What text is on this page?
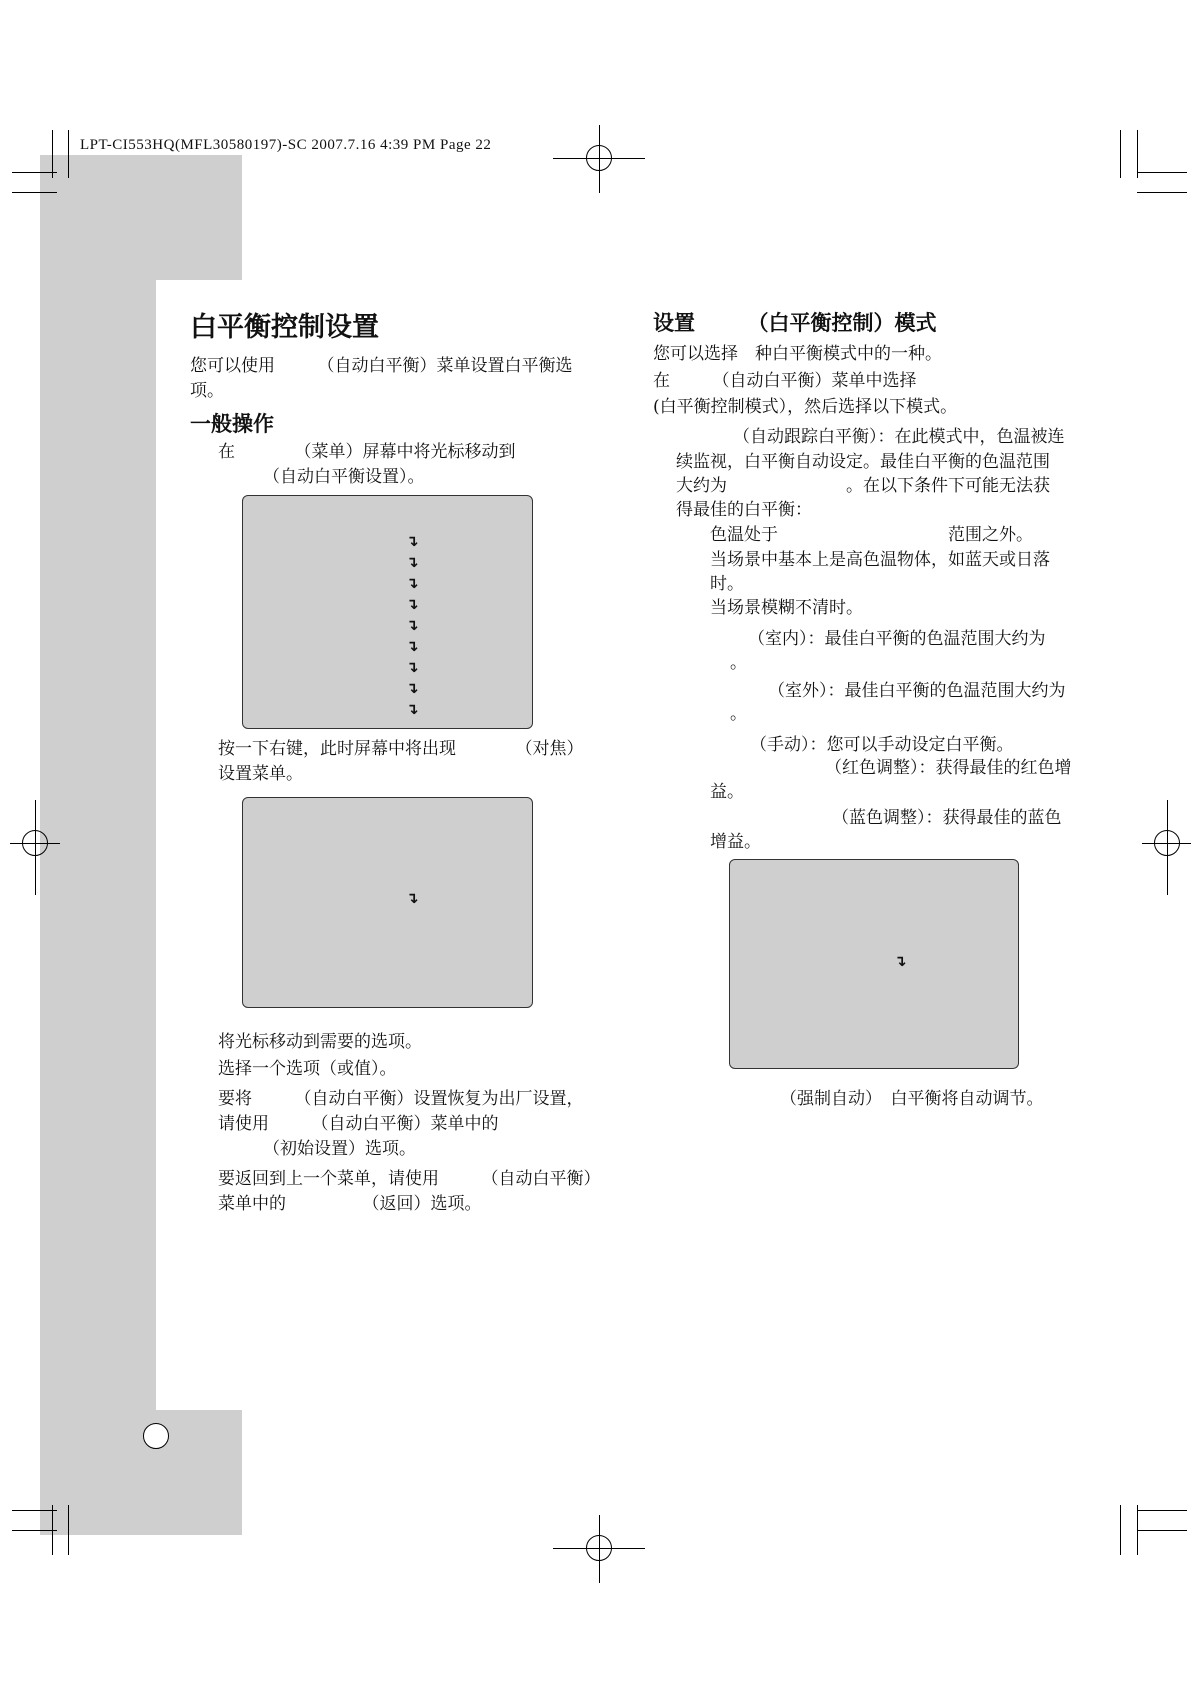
LPT-CI553HQ(MFL30580197)-SC 2007.7.16 4:39 PM Page 22
白平衡控制设置
您可以使用　　　（自动白平衡）菜单设置白平衡选
项。
一般操作
在　　　　（菜单）屏幕中将光标移动到
（自动白平衡设置）。
↴
↴
↴
↴
↴
↴
↴
↴
↴
按一下右键，此时屏幕中将出现　　　　（对焦）
设置菜单。
↴
将光标移动到需要的选项。
选择一个选项（或值）。
要将　　　（自动白平衡）设置恢复为出厂设置，
请使用　　　（自动白平衡）菜单中的
（初始设置）选项。
要返回到上一个菜单，请使用　　　（自动白平衡）
菜单中的　　　　　（返回）选项。
设置　　　（白平衡控制）模式
您可以选择　种白平衡模式中的一种。
在　　　（自动白平衡）菜单中选择
(白平衡控制模式），然后选择以下模式。
（自动跟踪白平衡）：在此模式中，色温被连
续监视，白平衡自动设定。最佳白平衡的色温范围
大约为　　　　　　　。在以下条件下可能无法获
得最佳的白平衡：
色温处于　　　　　　　　　　范围之外。
当场景中基本上是高色温物体，如蓝天或日落
时。
当场景模糊不清时。
（室内）：最佳白平衡的色温范围大约为
。
（室外）：最佳白平衡的色温范围大约为
。
（手动）：您可以手动设定白平衡。
（红色调整）：获得最佳的红色增
益。
（蓝色调整）：获得最佳的蓝色
增益。
↴
（强制自动）　白平衡将自动调节。
